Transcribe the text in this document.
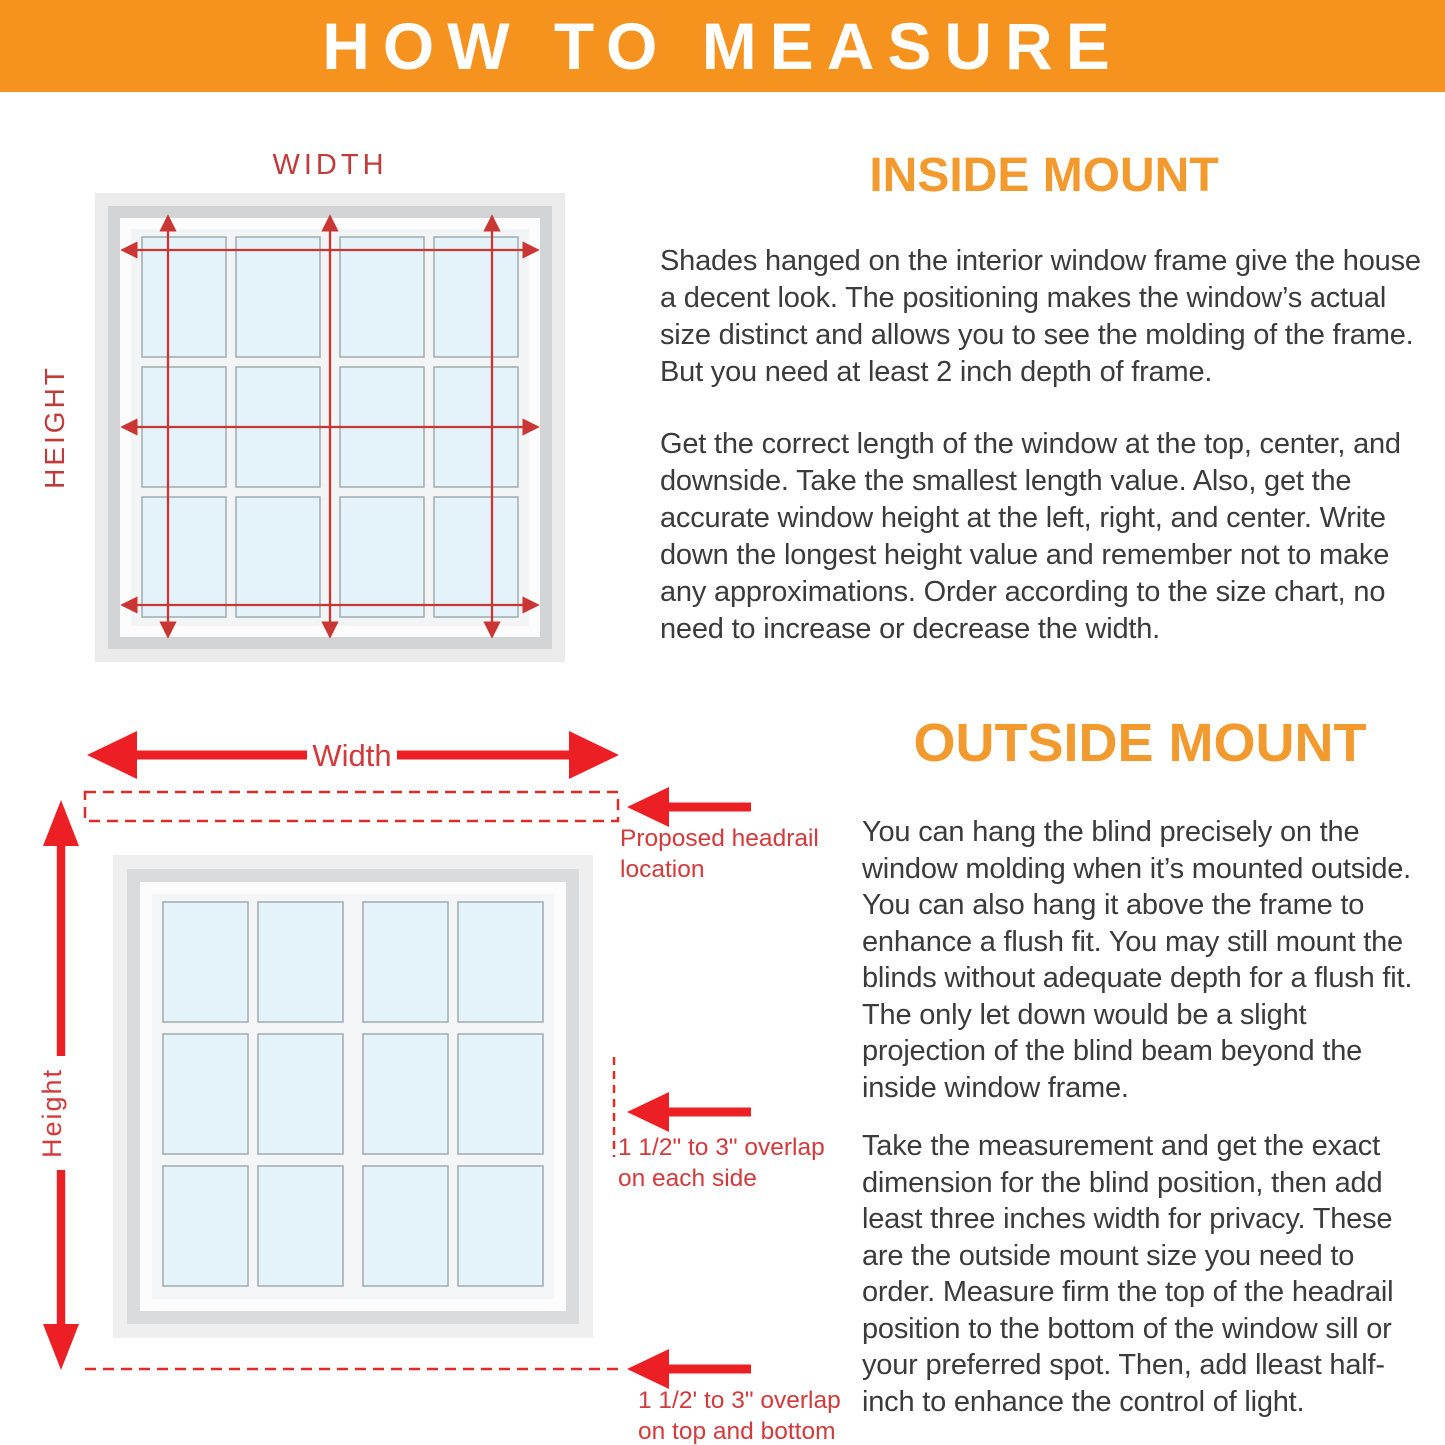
HOW TO MEASURE
WIDTH
HEIGHT
INSIDE MOUNT

Shades hanged on the interior window frame give the house a decent look. The positioning makes the window’s actual size distinct and allows you to see the molding of the frame. But you need at least 2 inch depth of frame.

Get the correct length of the window at the top, center, and downside. Take the smallest length value. Also, get the accurate window height at the left, right, and center. Write down the longest height value and remember not to make any approximations. Order according to the size chart, no need to increase or decrease the width.

OUTSIDE MOUNT

You can hang the blind precisely on the window molding when it’s mounted outside. You can also hang it above the frame to enhance a flush fit. You may still mount the blinds without adequate depth for a flush fit. The only let down would be a slight projection of the blind beam beyond the inside window frame.

Take the measurement and get the exact dimension for the blind position, then add least three inches width for privacy. These are the outside mount size you need to order. Measure firm the top of the headrail position to the bottom of the window sill or your preferred spot. Then, add lleast half-inch to enhance the control of light.

Width
Proposed headrail
location
Height	1 1/2" to 3" overlap
on each side
1 1/2' to 3" overlap
on top and bottom
